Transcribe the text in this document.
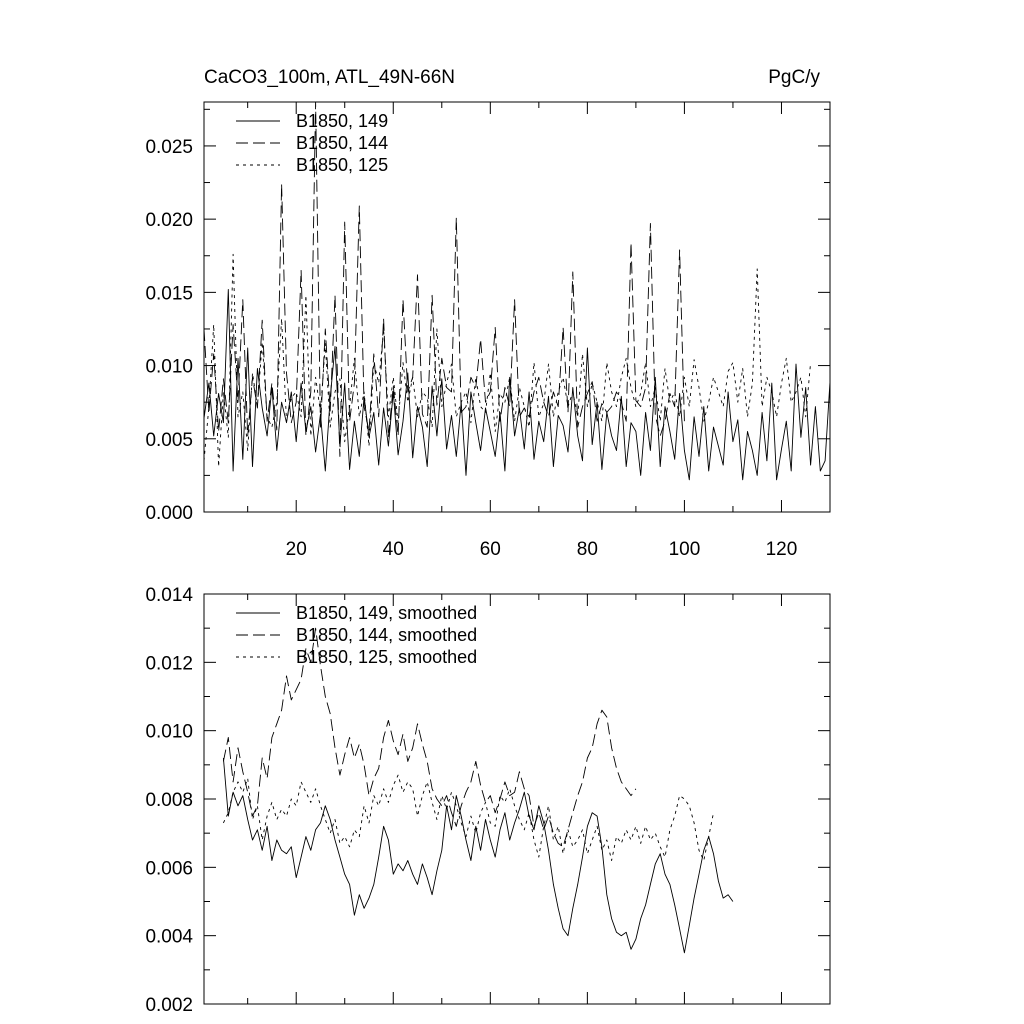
CaCO3_100m, ATL_49N-66N	PgC/y
0.000
0.005
0.010
0.015
0.020
0.025
20	40	60	80	100	120
B1850, 149
B1850, 144
B1850, 125
0.002
0.004
0.006
0.008
0.010
0.012
0.014
B1850, 149, smoothed
B1850, 144, smoothed
B1850, 125, smoothed
